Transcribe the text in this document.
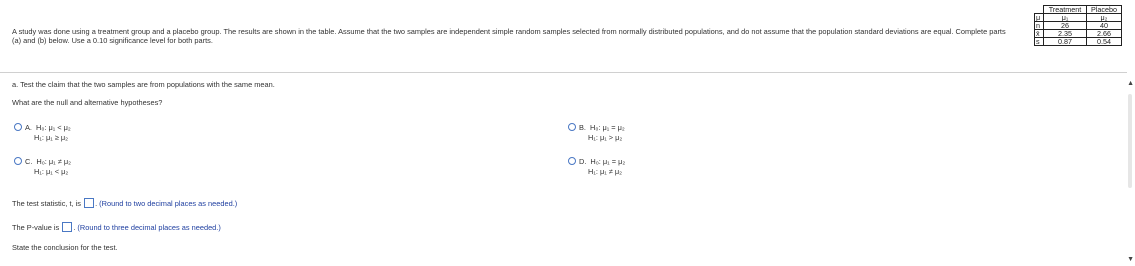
A study was done using a treatment group and a placebo group. The results are shown in the table. Assume that the two samples are independent simple random samples selected from normally distributed populations, and do not assume that the population standard deviations are equal. Complete parts (a) and (b) below. Use a 0.10 significance level for both parts.
	Treatment	Placebo
μ	μ₁	μ₂
n	26	40
x̄	2.35	2.66
s	0.87	0.54
a. Test the claim that the two samples are from populations with the same mean.
What are the null and alternative hypotheses?
A. H₀: μ₁ < μ₂
H₁: μ₁ ≥ μ₂
B. H₀: μ₁ = μ₂
H₁: μ₁ > μ₂
C. H₀: μ₁ ≠ μ₂
H₁: μ₁ < μ₂
D. H₀: μ₁ = μ₂
H₁: μ₁ ≠ μ₂
The test statistic, t, is . (Round to two decimal places as needed.)
The P-value is . (Round to three decimal places as needed.)
State the conclusion for the test.
▲
▼
